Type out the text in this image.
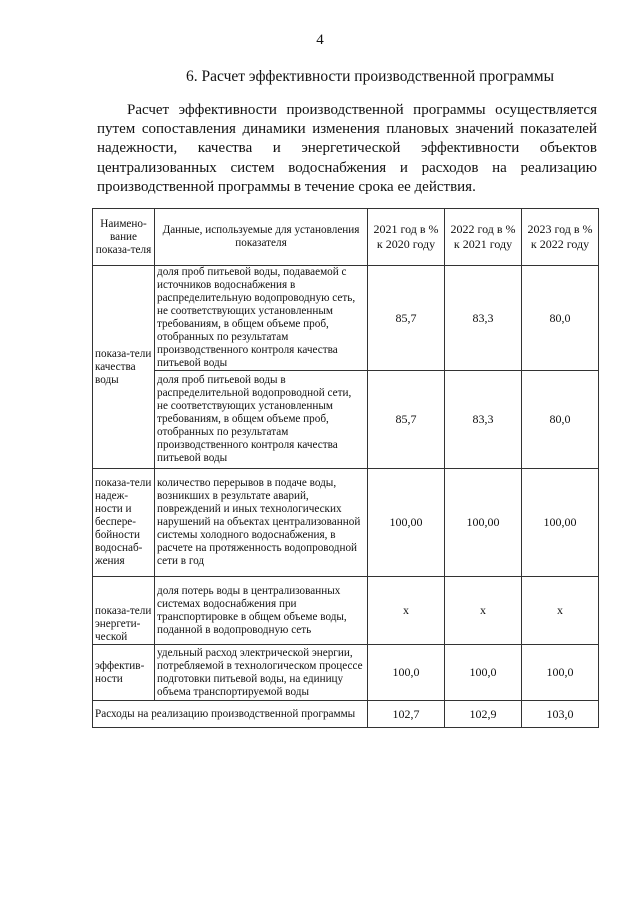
4
6. Расчет эффективности производственной программы
Расчет эффективности производственной программы осуществляется путем сопоставления динамики изменения плановых значений показателей надежности, качества и энергетической эффективности объектов централизованных систем водоснабжения и расходов на реализацию производственной программы в течение срока ее действия.
Наимено-вание показа-теля	Данные, используемые для установления показателя	2021 год в % к 2020 году	2022 год в % к 2021 году	2023 год в % к 2022 году
показа-тели качества воды	доля проб питьевой воды, подаваемой с источников водоснабжения в распределительную водопроводную сеть, не соответствующих установленным требованиям, в общем объеме проб, отобранных по результатам производственного контроля качества питьевой воды	85,7	83,3	80,0
	доля проб питьевой воды в распределительной водопроводной сети, не соответствующих установленным требованиям, в общем объеме проб, отобранных по результатам производственного контроля качества питьевой воды	85,7	83,3	80,0
показа-тели надеж-ности и беспере-бойности водоснаб-жения	количество перерывов в подаче воды, возникших в результате аварий, повреждений и иных технологических нарушений на объектах централизованной системы холодного водоснабжения, в расчете на протяженность водопроводной сети в год	100,00	100,00	100,00
показа-тели энергети-ческой	доля потерь воды в централизованных системах водоснабжения при транспортировке в общем объеме воды, поданной в водопроводную сеть	х	х	х
эффектив-ности	удельный расход электрической энергии, потребляемой в технологическом процессе подготовки питьевой воды, на единицу объема транспортируемой воды	100,0	100,0	100,0
Расходы на реализацию производственной программы		102,7	102,9	103,0
